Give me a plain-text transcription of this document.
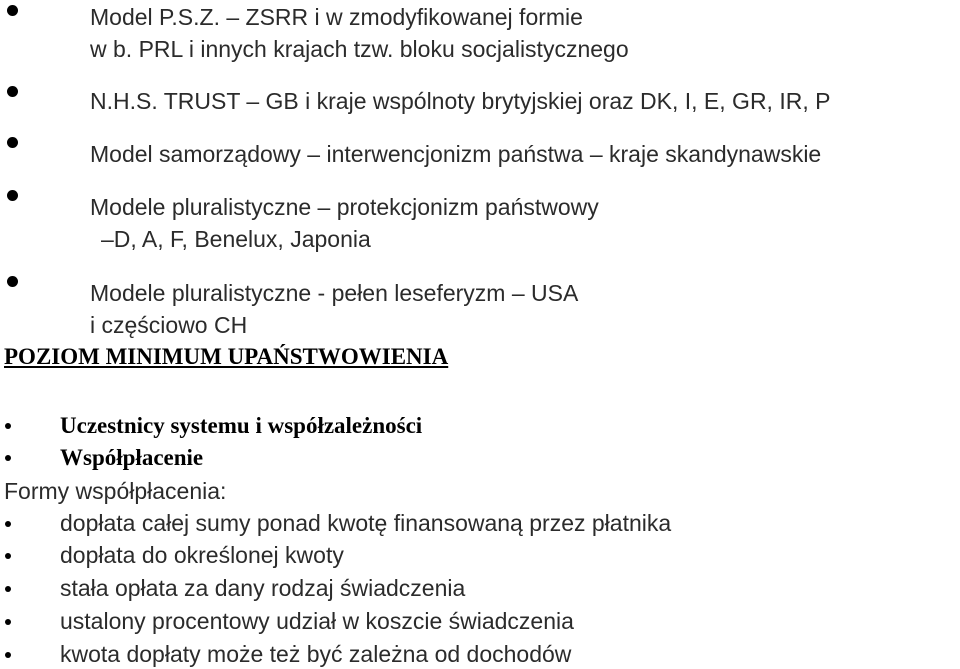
Model P.S.Z. – ZSRR i w zmodyfikowanej formie
w b. PRL i innych krajach tzw. bloku socjalistycznego
N.H.S. TRUST – GB i kraje wspólnoty brytyjskiej oraz DK, I, E, GR, IR, P
Model samorządowy – interwencjonizm państwa – kraje skandynawskie
Modele pluralistyczne – protekcjonizm państwowy
–D, A, F, Benelux, Japonia
Modele pluralistyczne - pełen leseferyzm – USA
i częściowo CH
POZIOM MINIMUM UPAŃSTWOWIENIA
Uczestnicy systemu i współzależności
Współpłacenie
Formy współpłacenia:
dopłata całej sumy ponad kwotę finansowaną przez płatnika
dopłata do określonej kwoty
stała opłata za dany rodzaj świadczenia
ustalony procentowy udział w koszcie świadczenia
kwota dopłaty może też być zależna od dochodów
